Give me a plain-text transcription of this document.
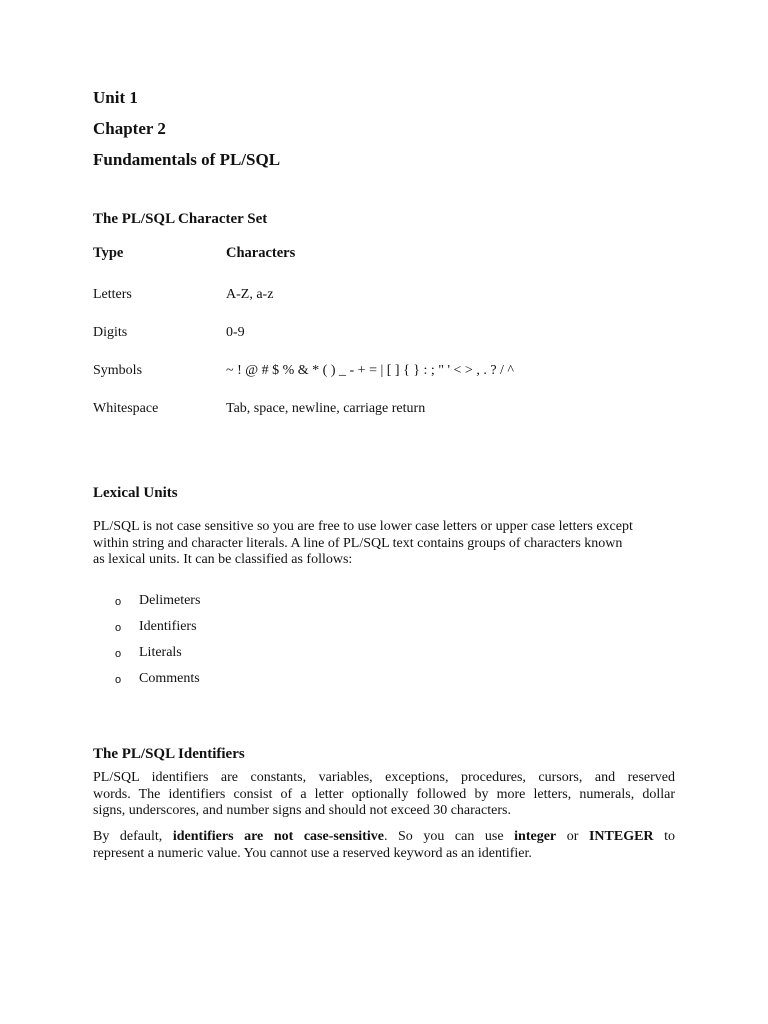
Unit 1
Chapter 2
Fundamentals of PL/SQL
The PL/SQL Character Set
Type	Characters
Letters	A-Z, a-z
Digits	0-9
Symbols	~ ! @ # $ % & * ( ) _ - + = | [ ] { } : ; " ' < > , . ? / ^
Whitespace	Tab, space, newline, carriage return
Lexical Units
PL/SQL is not case sensitive so you are free to use lower case letters or upper case letters except
within string and character literals. A line of PL/SQL text contains groups of characters known
as lexical units. It can be classified as follows:
o Delimeters
o Identifiers
o Literals
o Comments
The PL/SQL Identifiers
PL/SQL identifiers are constants, variables, exceptions, procedures, cursors, and reserved
words. The identifiers consist of a letter optionally followed by more letters, numerals, dollar
signs, underscores, and number signs and should not exceed 30 characters.
By default, identifiers are not case-sensitive. So you can use integer or INTEGER to
represent a numeric value. You cannot use a reserved keyword as an identifier.
